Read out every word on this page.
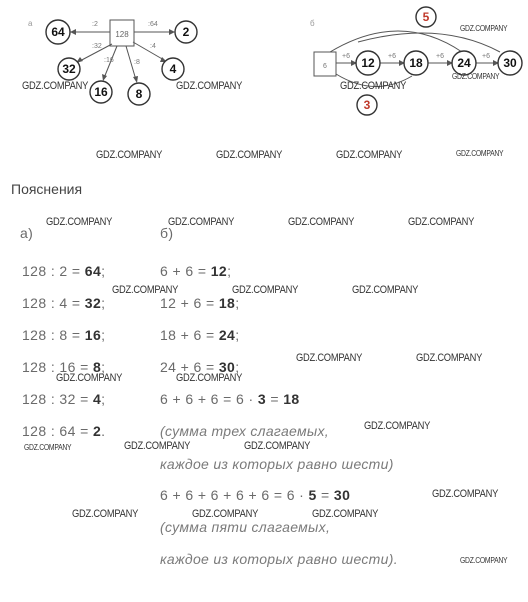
а
128
:2	:64
:32
:16	:8
:4
64	2
32
16 8
4
б
6
+6	+6	+6	+6
12	18	24	30
5
3
Пояснения
а)
128 : 2 = 64;
128 : 4 = 32;
128 : 8 = 16;
128 : 16 = 8;
128 : 32 = 4;
128 : 64 = 2.
б)
6 + 6 = 12;
12 + 6 = 18;
18 + 6 = 24;
24 + 6 = 30;
6 + 6 + 6 = 6 · 3 = 18
(сумма трех слагаемых,
каждое из которых равно шести)
6 + 6 + 6 + 6 + 6 = 6 · 5 = 30
(сумма пяти слагаемых,
каждое из которых равно шести).
GDZ.COMPANY	GDZ.COMPANY
GDZ.COMPANY
GDZ.COMPANY
GDZ.COMPANY
GDZ.COMPANY	GDZ.COMPANY	GDZ.COMPANY	GDZ.COMPANY
GDZ.COMPANY	GDZ.COMPANY	GDZ.COMPANY	GDZ.COMPANY
GDZ.COMPANY	GDZ.COMPANY	GDZ.COMPANY
GDZ.COMPANY	GDZ.COMPANY
GDZ.COMPANY	GDZ.COMPANY
GDZ.COMPANY
GDZ.COMPANY	GDZ.COMPANY	GDZ.COMPANY
GDZ.COMPANY
GDZ.COMPANY	GDZ.COMPANY	GDZ.COMPANY
GDZ.COMPANY
